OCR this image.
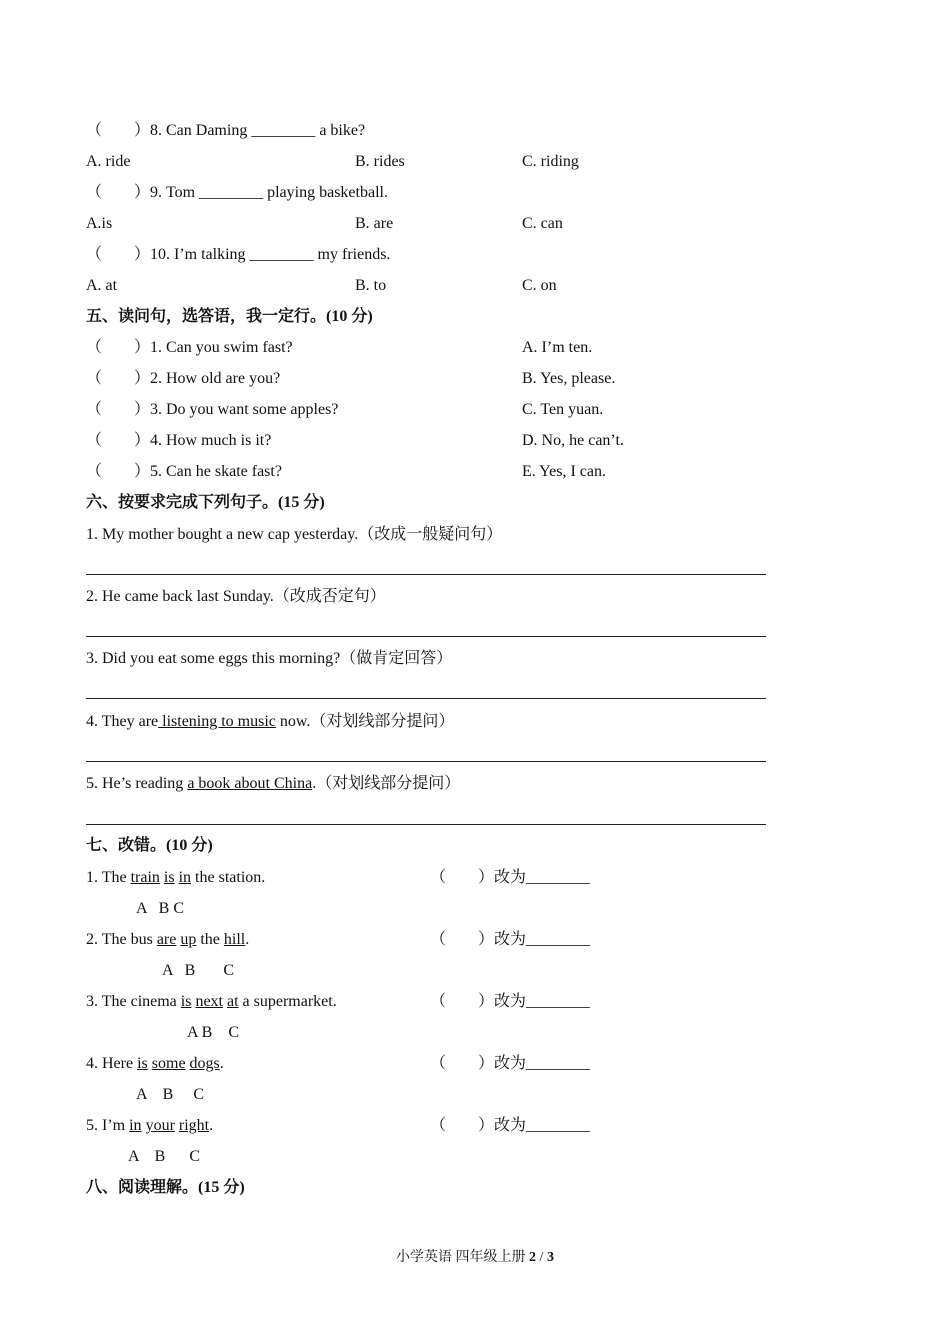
（　　）8. Can Daming ________ a bike?
A. ride	B. rides	C. riding
（　　）9. Tom ________ playing basketball.
A.is	B. are	C. can
（　　）10. I’m talking ________ my friends.
A. at	B. to	C. on
五、读问句，选答语，我一定行。(10 分)
（　　）1. Can you swim fast?	A. I’m ten.
（　　）2. How old are you?	B. Yes, please.
（　　）3. Do you want some apples?	C. Ten yuan.
（　　）4. How much is it?	D. No, he can’t.
（　　）5. Can he skate fast?	E. Yes, I can.
六、按要求完成下列句子。(15 分)
1. My mother bought a new cap yesterday.（改成一般疑问句）
2. He came back last Sunday.（改成否定句）
3. Did you eat some eggs this morning?（做肯定回答）
4. They are listening to music now.（对划线部分提问）
5. He’s reading a book about China.（对划线部分提问）
七、改错。(10 分)
1. The train is in the station.	（　　）改为________
A   B C
2. The bus are up the hill.	（　　）改为________
A   B       C
3. The cinema is next at a supermarket.	（　　）改为________
A B    C
4. Here is some dogs.	（　　）改为________
A    B     C
5. I’m in your right.	（　　）改为________
A    B      C
八、阅读理解。(15 分)
小学英语 四年级上册 2 / 3
